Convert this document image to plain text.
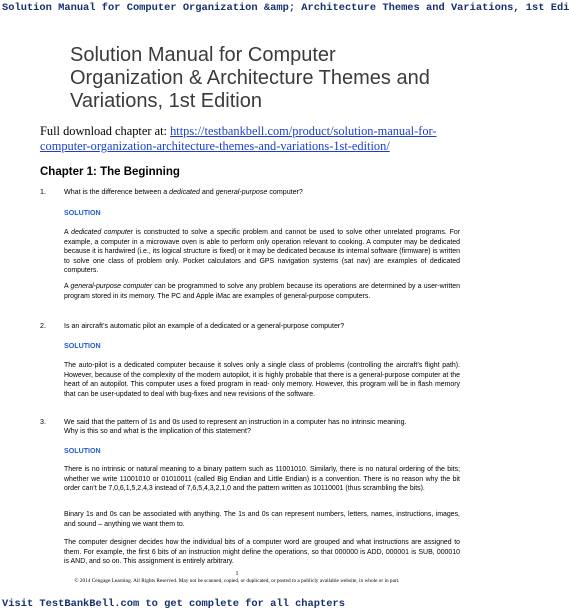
Solution Manual for Computer Organization &amp; Architecture Themes and Variations, 1st Edi
Solution Manual for Computer
Organization & Architecture Themes and
Variations, 1st Edition
Full download chapter at: https://testbankbell.com/product/solution-manual-for-
computer-organization-architecture-themes-and-variations-1st-edition/
Chapter 1: The Beginning
1.	What is the difference between a dedicated and general-purpose computer?
SOLUTION
A dedicated computer is constructed to solve a specific problem and cannot be used to solve other unrelated programs. For example, a computer in a microwave oven is able to perform only operation relevant to cooking. A computer may be dedicated because it is hardwired (i.e., its logical structure is fixed) or it may be dedicated because its internal software (firmware) is written to solve one class of problem only. Pocket calculators and GPS navigation systems (sat nav) are examples of dedicated computers.
A general-purpose computer can be programmed to solve any problem because its operations are determined by a user-written program stored in its memory. The PC and Apple iMac are examples of general-purpose computers.
2.	Is an aircraft’s automatic pilot an example of a dedicated or a general-purpose computer?
SOLUTION
The auto-pilot is a dedicated computer because it solves only a single class of problems (controlling the aircraft’s flight path). However, because of the complexity of the modern autopilot, it is highly probable that there is a general-purpose computer at the heart of an autopilot. This computer uses a fixed program in read- only memory. However, this program will be in flash memory that can be user-updated to deal with bug-fixes and new revisions of the software.
3.	We said that the pattern of 1s and 0s used to represent an instruction in a computer has no intrinsic meaning.
Why is this so and what is the implication of this statement?
SOLUTION
There is no intrinsic or natural meaning to a binary pattern such as 11001010. Similarly, there is no natural ordering of the bits; whether we write 11001010 or 01010011 (called Big Endian and Little Endian) is a convention. There is no reason why the bit order can’t be 7,0,6,1,5,2,4,3 instead of 7,6,5,4,3,2,1,0 and the pattern written as 10110001 (thus scrambling the bits).
Binary 1s and 0s can be associated with anything. The 1s and 0s can represent numbers, letters, names, instructions, images, and sound – anything we want them to.
The computer designer decides how the individual bits of a computer word are grouped and what instructions are assigned to them. For example, the first 6 bits of an instruction might define the operations, so that 000000 is ADD, 000001 is SUB, 000010 is AND, and so on. This assignment is entirely arbitrary.
1
© 2014 Cengage Learning. All Rights Reserved. May not be scanned, copied, or duplicated, or posted to a publicly available website, in whole or in part.
Visit TestBankBell.com to get complete for all chapters
